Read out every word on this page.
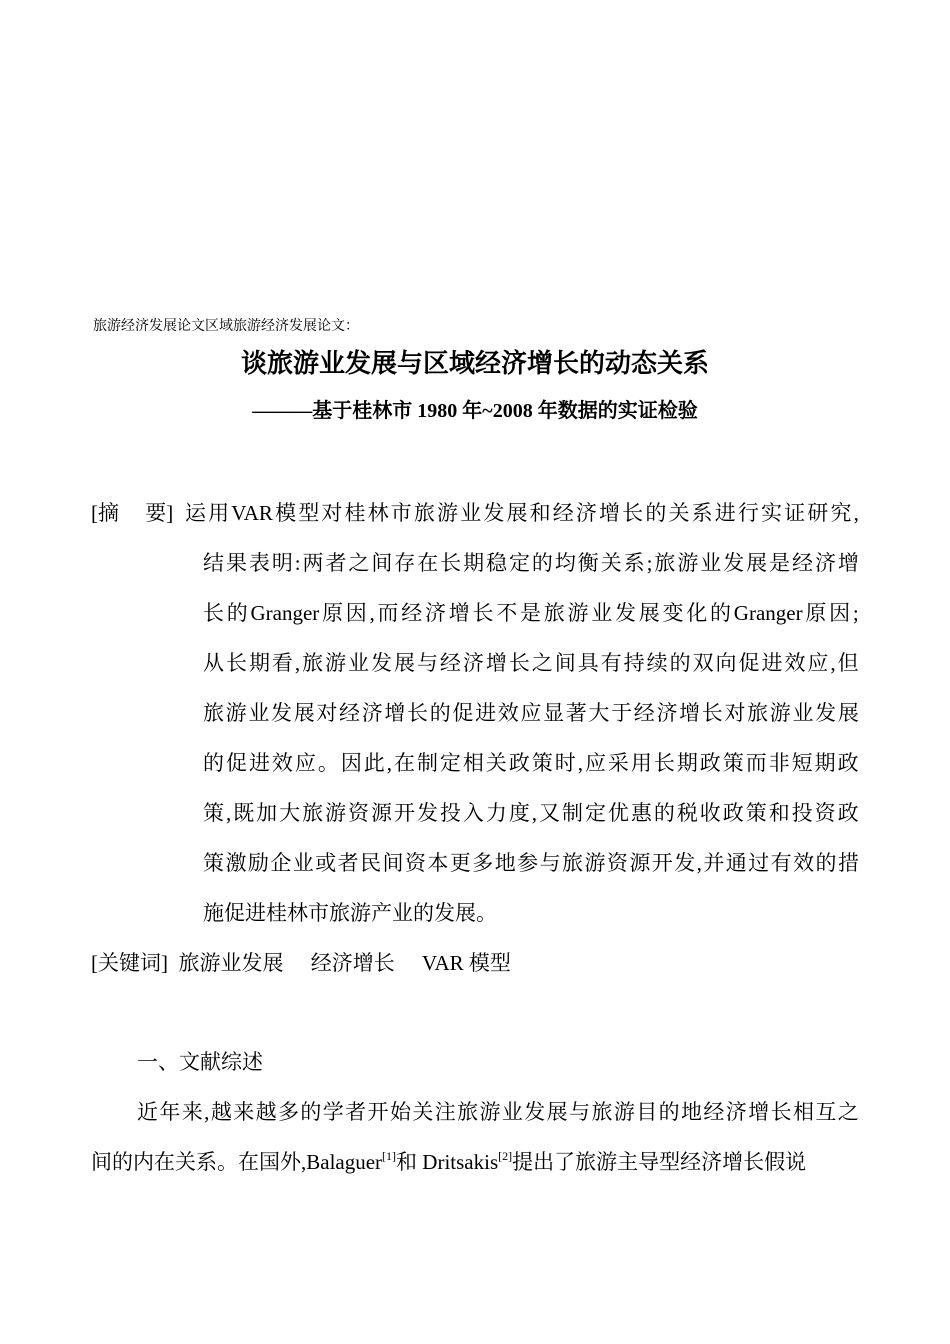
旅游经济发展论文区域旅游经济发展论文：
谈旅游业发展与区域经济增长的动态关系
———基于桂林市 1980 年~2008 年数据的实证检验
[摘　 要] 运 用 VAR 模 型 对 桂 林 市 旅 游 业 发 展 和 经 济 增 长 的 关 系 进 行 实 证 研 究 ,
结 果 表 明 : 两 者 之 间 存 在 长 期 稳 定 的 均 衡 关 系 ; 旅 游 业 发 展 是 经 济 增
长 的 Granger 原 因 , 而 经 济 增 长 不 是 旅 游 业 发 展 变 化 的 Granger 原 因 ;
从 长 期 看 , 旅 游 业 发 展 与 经 济 增 长 之 间 具 有 持 续 的 双 向 促 进 效 应 , 但
旅 游 业 发 展 对 经 济 增 长 的 促 进 效 应 显 著 大 于 经 济 增 长 对 旅 游 业 发 展
的 促 进 效 应 。 因 此 , 在 制 定 相 关 政 策 时 , 应 采 用 长 期 政 策 而 非 短 期 政
策 , 既 加 大 旅 游 资 源 开 发 投 入 力 度 , 又 制 定 优 惠 的 税 收 政 策 和 投 资 政
策 激 励 企 业 或 者 民 间 资 本 更 多 地 参 与 旅 游 资 源 开 发 , 并 通 过 有 效 的 措
施促进桂林市旅游产业的发展。
[关键词] 旅游业发展 经济增长 VAR 模型
一、文献综述
近 年 来 , 越 来 越 多 的 学 者 开 始 关 注 旅 游 业 发 展 与 旅 游 目 的 地 经 济 增 长 相 互 之
间的内在关系。在国外,Balaguer[1]和 Dritsakis[2]提出了旅游主导型经济增长假说
